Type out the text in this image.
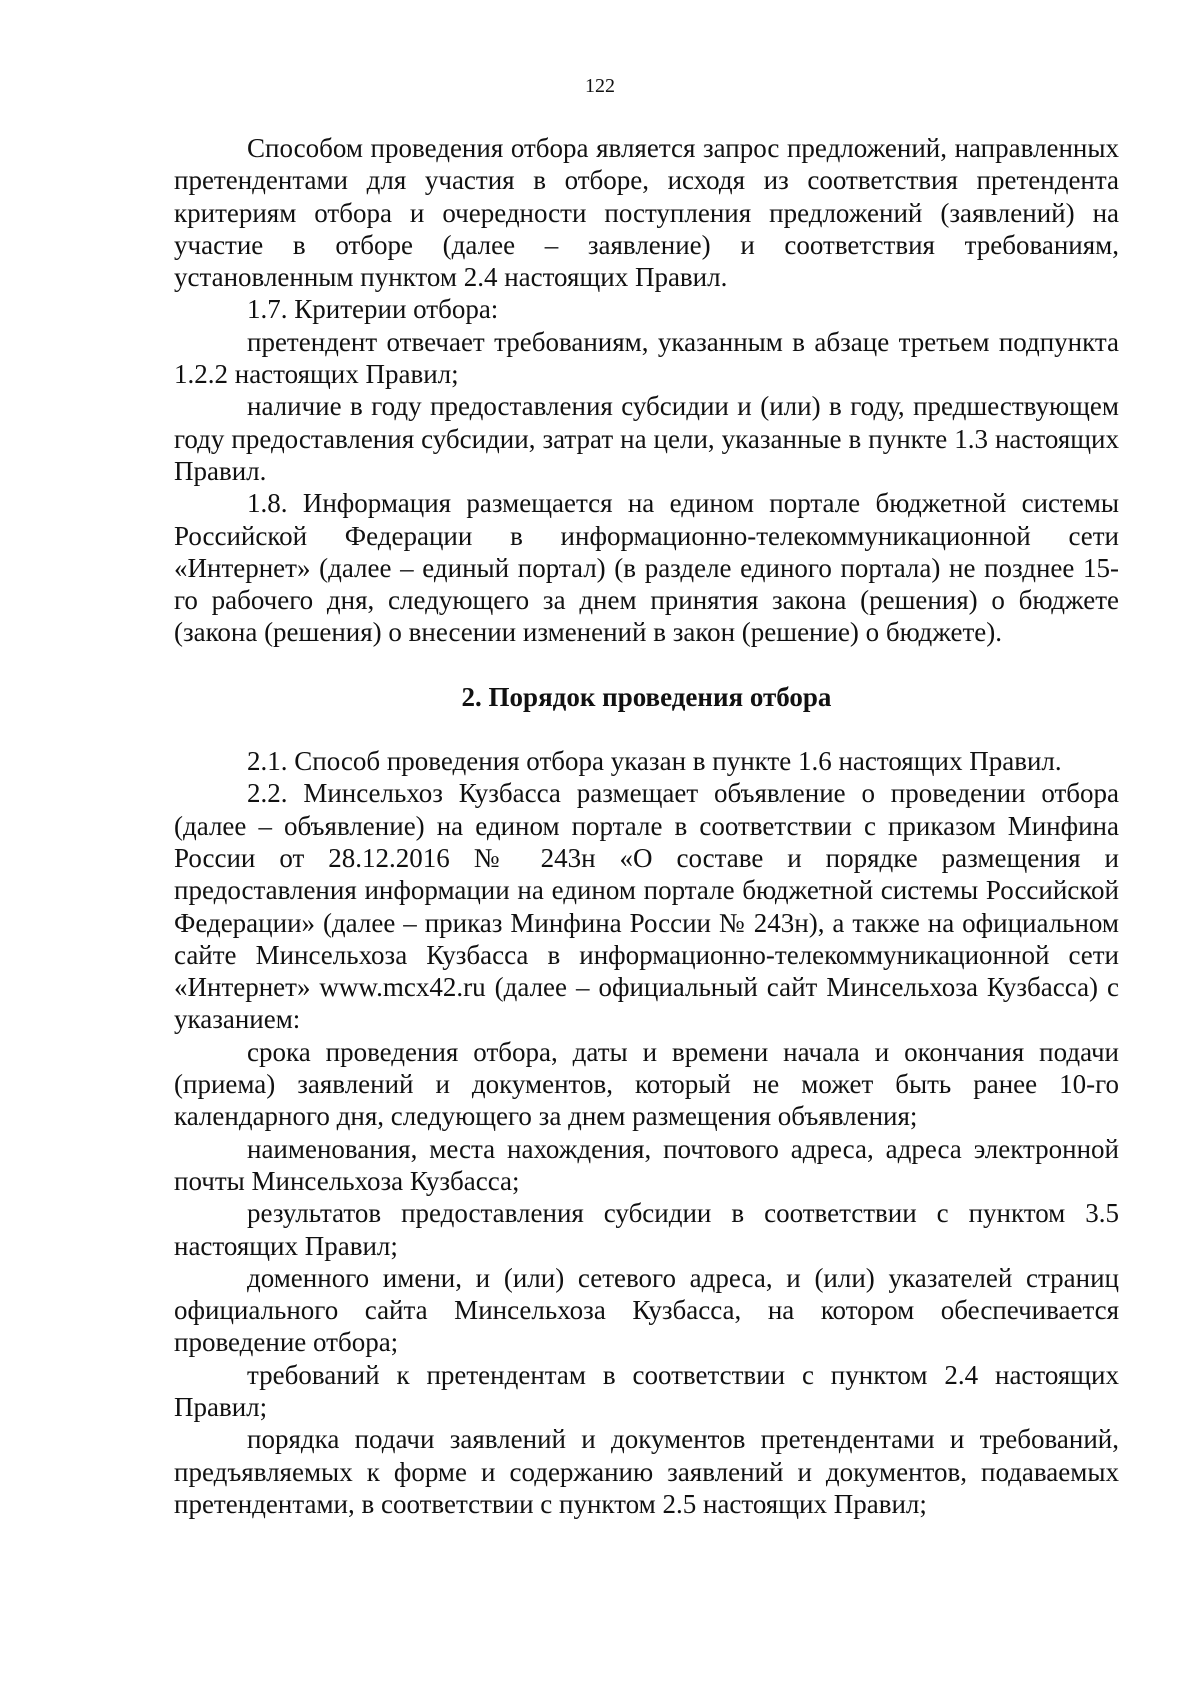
122

Способом проведения отбора является запрос предложений, направленных претендентами для участия в отборе, исходя из соответствия претендента критериям отбора и очередности поступления предложений (заявлений) на участие в отборе (далее – заявление) и соответствия требованиям, установленным пунктом 2.4 настоящих Правил.

1.7. Критерии отбора:

претендент отвечает требованиям, указанным в абзаце третьем подпункта 1.2.2 настоящих Правил;

наличие в году предоставления субсидии и (или) в году, предшествующем году предоставления субсидии, затрат на цели, указанные в пункте 1.3 настоящих Правил.

1.8. Информация размещается на едином портале бюджетной системы Российской Федерации в информационно-телекоммуникационной сети «Интернет» (далее – единый портал) (в разделе единого портала) не позднее 15-го рабочего дня, следующего за днем принятия закона (решения) о бюджете (закона (решения) о внесении изменений в закон (решение) о бюджете).

2. Порядок проведения отбора

2.1. Способ проведения отбора указан в пункте 1.6 настоящих Правил.

2.2. Минсельхоз Кузбасса размещает объявление о проведении отбора (далее – объявление) на едином портале в соответствии с приказом Минфина России от 28.12.2016 № 243н «О составе и порядке размещения и предоставления информации на едином портале бюджетной системы Российской Федерации» (далее – приказ Минфина России № 243н), а также на официальном сайте Минсельхоза Кузбасса в информационно-телекоммуникационной сети «Интернет» www.mcx42.ru (далее – официальный сайт Минсельхоза Кузбасса) с указанием:

срока проведения отбора, даты и времени начала и окончания подачи (приема) заявлений и документов, который не может быть ранее 10-го календарного дня, следующего за днем размещения объявления;

наименования, места нахождения, почтового адреса, адреса электронной почты Минсельхоза Кузбасса;

результатов предоставления субсидии в соответствии с пунктом 3.5 настоящих Правил;

доменного имени, и (или) сетевого адреса, и (или) указателей страниц официального сайта Минсельхоза Кузбасса, на котором обеспечивается проведение отбора;

требований к претендентам в соответствии с пунктом 2.4 настоящих Правил;

порядка подачи заявлений и документов претендентами и требований, предъявляемых к форме и содержанию заявлений и документов, подаваемых претендентами, в соответствии с пунктом 2.5 настоящих Правил;
